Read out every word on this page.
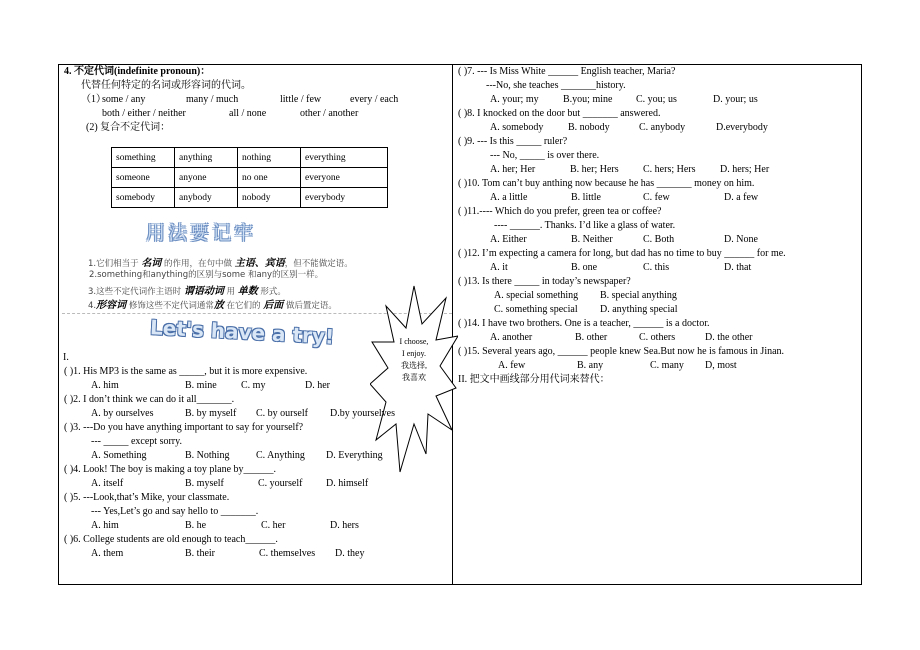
4. 不定代词(indefinite pronoun)：
代替任何特定的名词或形容词的代词。
（1）
some / any	many / much	little / few	every / each
both / either / neither	all / none	other / another
(2) 复合不定代词：
something	anything	nothing	everything
someone	anyone	no one	everyone
somebody	anybody	nobody	everybody
用法要记牢
1.它们相当于 名词 的作用，在句中做 主语、宾语，但不能做定语。
2.something和anything的区别与some 和any的区别一样。
3.这些不定代词作主语时 谓语动词 用 单数 形式。
4.形容词 修饰这些不定代词通常放 在它们的 后面 做后置定语。
Let's have a try!	I choose,
I enjoy.
我选择,
我喜欢
I.
( )1. His MP3 is the same as _____, but it is more expensive.
A. him	B. mine C. my	D. her
( )2. I don’t think we can do it all_______.
A. by ourselves	B. by myself C. by ourself D.by yourselves
( )3. ---Do you have anything important to say for yourself?
--- _____ except sorry.
A. Something	B. Nothing	C. Anything D. Everything
( )4. Look! The boy is making a toy plane by______.
A. itself	B. myself	C. yourself D. himself
( )5. ---Look,that’s Mike, your classmate.
--- Yes,Let’s go and say hello to _______.
A. him	B. he	C. her	D. hers
( )6. College students are old enough to teach______.
A. them	B. their	C. themselves D. they
( )7. --- Is Miss White ______ English teacher, Maria?
---No, she teaches _______history.
A. your; my B.you; mine C. you; us	D. your; us
( )8. I knocked on the door but _______ answered.
A. somebody B. nobody	C. anybody	D.everybody
( )9. --- Is this _____ ruler?
--- No, _____ is over there.
A. her; Her	B. her; Hers C. hers; Hers D. hers; Her
( )10. Tom can’t buy anthing now because he has _______ money on him.
A. a little	B. little	C. few	D. a few
( )11.---- Which do you prefer, green tea or coffee?
---- ______. Thanks. I’d like a glass of water.
A. Either	B. Neither	C. Both	D. None
( )12. I’m expecting a camera for long, but dad has no time to buy ______ for me.
A. it	B. one	C. this	D. that
( )13. Is there _____ in today’s newspaper?
A. special something B. special anything
C. something special D. anything special
( )14. I have two brothers. One is a teacher, ______ is a doctor.
A. another	B. other	C. others	D. the other
( )15. Several years ago, ______ people knew Sea.But now he is famous in Jinan.
A. few	B. any	C. many D, most
II. 把文中画线部分用代词来替代：
